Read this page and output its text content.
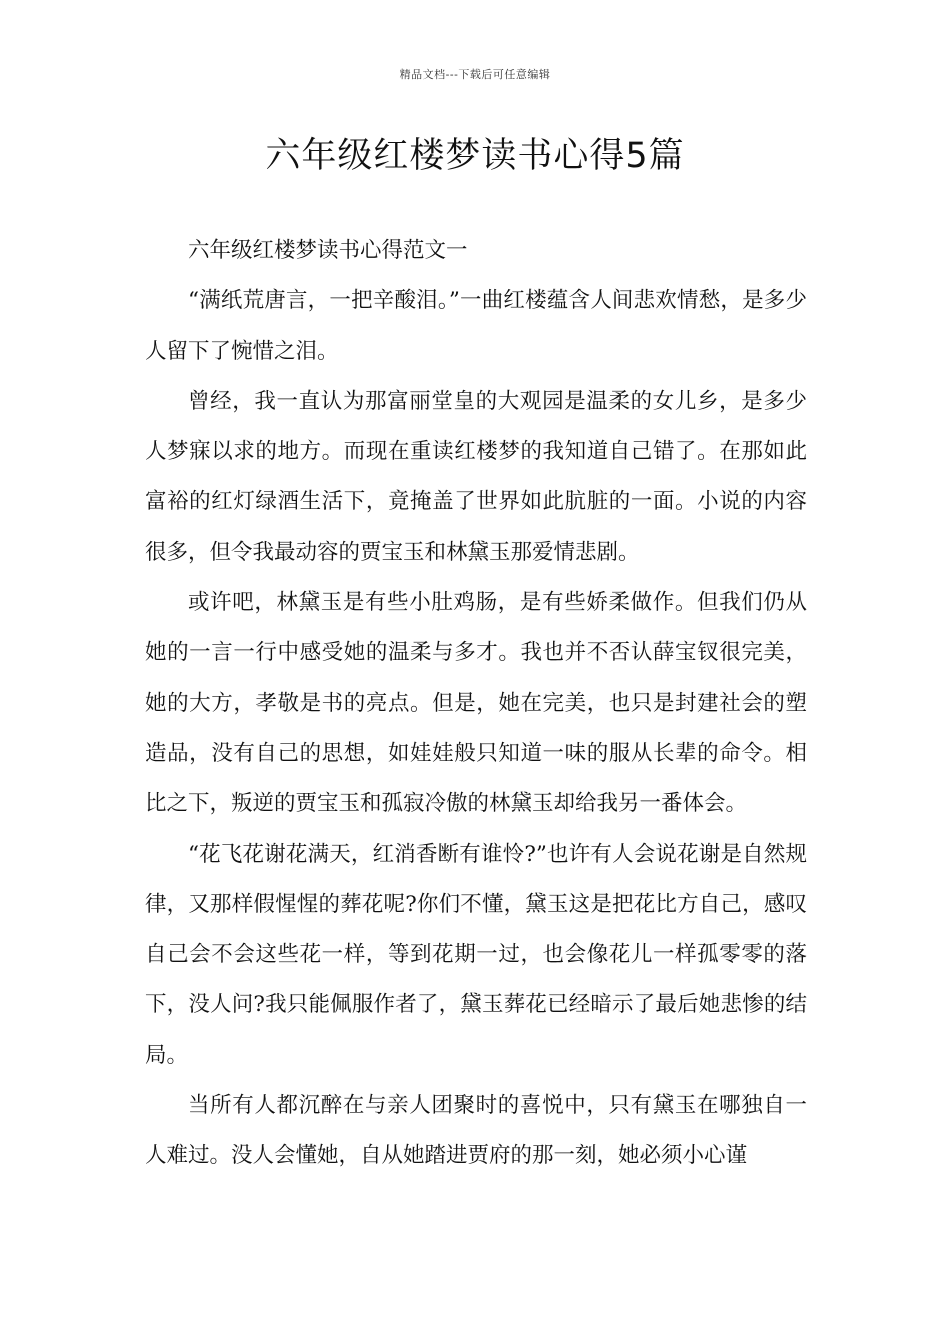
精品文档---下载后可任意编辑
六年级红楼梦读书心得5篇

六年级红楼梦读书心得范文一

“满纸荒唐言，一把辛酸泪。”一曲红楼蕴含人间悲欢情愁，是多少人留下了惋惜之泪。

曾经，我一直认为那富丽堂皇的大观园是温柔的女儿乡，是多少人梦寐以求的地方。而现在重读红楼梦的我知道自己错了。在那如此富裕的红灯绿酒生活下，竟掩盖了世界如此肮脏的一面。小说的内容很多，但令我最动容的贾宝玉和林黛玉那爱情悲剧。

或许吧，林黛玉是有些小肚鸡肠，是有些娇柔做作。但我们仍从她的一言一行中感受她的温柔与多才。我也并不否认薛宝钗很完美，她的大方，孝敬是书的亮点。但是，她在完美，也只是封建社会的塑造品，没有自己的思想，如娃娃般只知道一味的服从长辈的命令。相比之下，叛逆的贾宝玉和孤寂冷傲的林黛玉却给我另一番体会。

“花飞花谢花满天，红消香断有谁怜?”也许有人会说花谢是自然规律，又那样假惺惺的葬花呢?你们不懂，黛玉这是把花比方自己，感叹自己会不会这些花一样，等到花期一过，也会像花儿一样孤零零的落下，没人问?我只能佩服作者了，黛玉葬花已经暗示了最后她悲惨的结局。

当所有人都沉醉在与亲人团聚时的喜悦中，只有黛玉在哪独自一人难过。没人会懂她，自从她踏进贾府的那一刻，她必须小心谨
